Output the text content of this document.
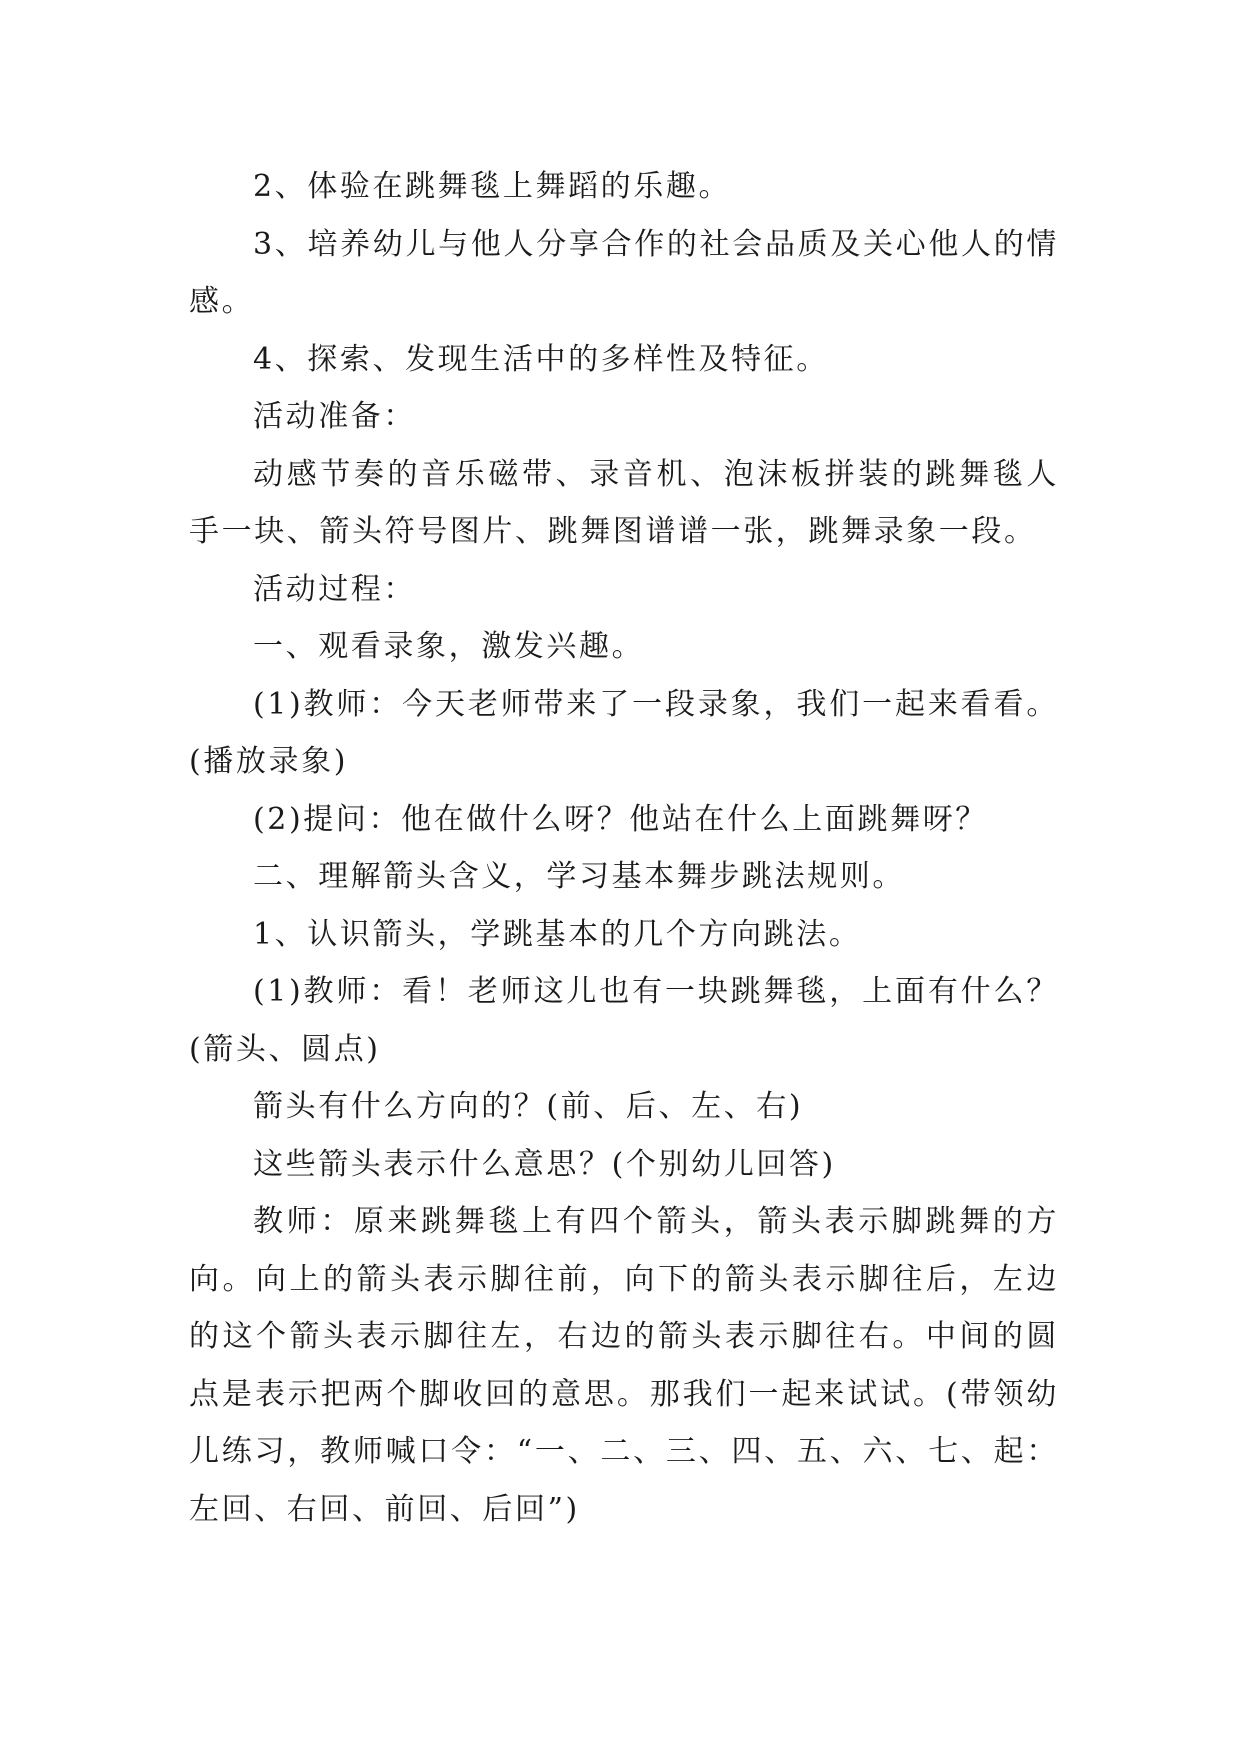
2、体验在跳舞毯上舞蹈的乐趣。

3、培养幼儿与他人分享合作的社会品质及关心他人的情感。

4、探索、发现生活中的多样性及特征。

活动准备：

动感节奏的音乐磁带、录音机、泡沫板拼装的跳舞毯人手一块、箭头符号图片、跳舞图谱谱一张，跳舞录象一段。

活动过程：

一、观看录象，激发兴趣。

(1)教师：今天老师带来了一段录象，我们一起来看看。(播放录象)

(2)提问：他在做什么呀？他站在什么上面跳舞呀？

二、理解箭头含义，学习基本舞步跳法规则。

1、认识箭头，学跳基本的几个方向跳法。

(1)教师：看！老师这儿也有一块跳舞毯，上面有什么？(箭头、圆点)

箭头有什么方向的？(前、后、左、右)

这些箭头表示什么意思？(个别幼儿回答)

教师：原来跳舞毯上有四个箭头，箭头表示脚跳舞的方向。向上的箭头表示脚往前，向下的箭头表示脚往后，左边的这个箭头表示脚往左，右边的箭头表示脚往右。中间的圆点是表示把两个脚收回的意思。那我们一起来试试。(带领幼儿练习，教师喊口令：“一、二、三、四、五、六、七、起：左回、右回、前回、后回”)
